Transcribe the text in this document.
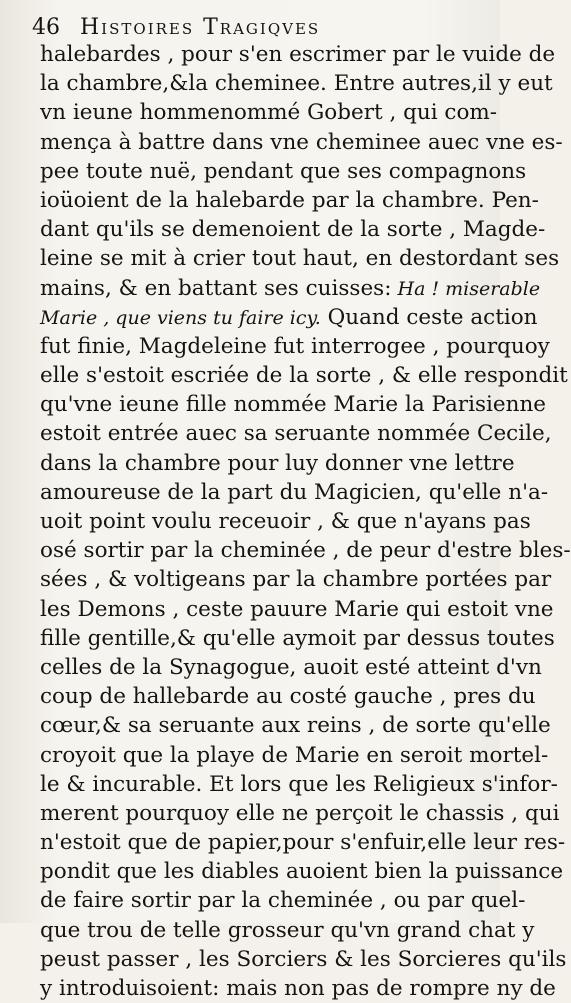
46 Histoires Tragiqves
halebardes , pour s'en escrimer par le vuide de
la chambre,&la cheminee. Entre autres,il y eut
vn ieune hommenommé Gobert , qui com-
mença à battre dans vne cheminee auec vne es-
pee toute nuë, pendant que ses compagnons
ioüoient de la halebarde par la chambre. Pen-
dant qu'ils se demenoient de la sorte , Magde-
leine se mit à crier tout haut, en destordant ses
mains, & en battant ses cuisses: Ha ! miserable
Marie , que viens tu faire icy. Quand ceste action
fut finie, Magdeleine fut interrogee , pourquoy
elle s'estoit escriée de la sorte , & elle respondit
qu'vne ieune fille nommée Marie la Parisienne
estoit entrée auec sa seruante nommée Cecile,
dans la chambre pour luy donner vne lettre
amoureuse de la part du Magicien, qu'elle n'a-
uoit point voulu receuoir , & que n'ayans pas
osé sortir par la cheminée , de peur d'estre bles-
sées , & voltigeans par la chambre portées par
les Demons , ceste pauure Marie qui estoit vne
fille gentille,& qu'elle aymoit par dessus toutes
celles de la Synagogue, auoit esté atteint d'vn
coup de hallebarde au costé gauche , pres du
cœur,& sa seruante aux reins , de sorte qu'elle
croyoit que la playe de Marie en seroit mortel-
le & incurable. Et lors que les Religieux s'infor-
merent pourquoy elle ne perçoit le chassis , qui
n'estoit que de papier,pour s'enfuir,elle leur res-
pondit que les diables auoient bien la puissance
de faire sortir par la cheminée , ou par quel-
que trou de telle grosseur qu'vn grand chat y
peust passer , les Sorciers & les Sorcieres qu'ils
y introduisoient: mais non pas de rompre ny de
